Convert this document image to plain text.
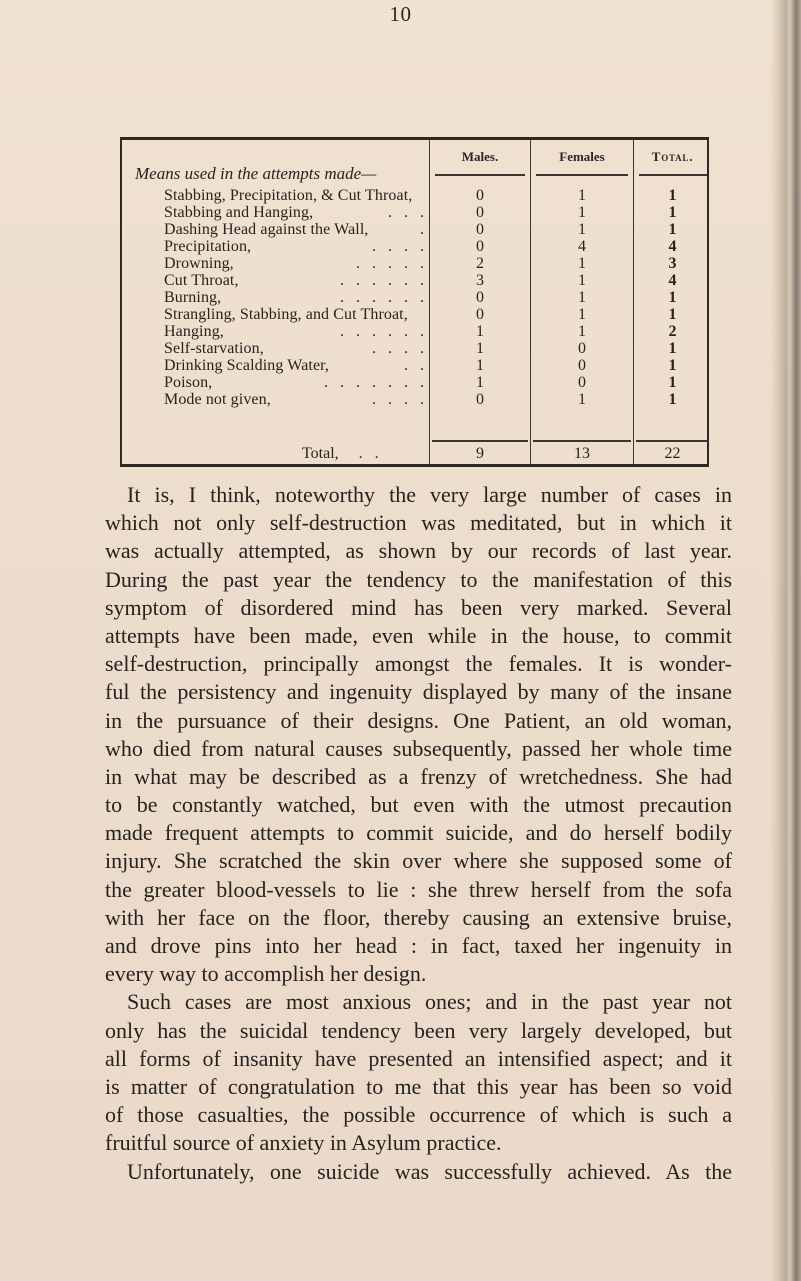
10
Males.	Females	Total.
Means used in the attempts made—
Stabbing, Precipitation, & Cut Throat,	0	1	1
Stabbing and Hanging,	.   .   .	0	1	1
Dashing Head against the Wall,	.	0	1	1
Precipitation,	.   .   .   .	0	4	4
Drowning,	.   .   .   .   .	2	1	3
Cut Throat,	.   .   .   .   .   .	3	1	4
Burning,	.   .   .   .   .   .	0	1	1
Strangling, Stabbing, and Cut Throat,	0	1	1
Hanging,	.   .   .   .   .   .	1	1	2
Self-starvation,	.   .   .   .	1	0	1
Drinking Scalding Water,	.   .	1	0	1
Poison,	.   .   .   .   .   .   .	1	0	1
Mode not given,	.   .   .   .	0	1	1
Total, .   .	9	13	22
It is, I think, noteworthy the very large number of cases in
which not only self-destruction was meditated, but in which it
was actually attempted, as shown by our records of last year.
During the past year the tendency to the manifestation of this
symptom of disordered mind has been very marked. Several
attempts have been made, even while in the house, to commit
self-destruction, principally amongst the females. It is wonder-
ful the persistency and ingenuity displayed by many of the insane
in the pursuance of their designs. One Patient, an old woman,
who died from natural causes subsequently, passed her whole time
in what may be described as a frenzy of wretchedness. She had
to be constantly watched, but even with the utmost precaution
made frequent attempts to commit suicide, and do herself bodily
injury. She scratched the skin over where she supposed some of
the greater blood-vessels to lie : she threw herself from the sofa
with her face on the floor, thereby causing an extensive bruise,
and drove pins into her head : in fact, taxed her ingenuity in
every way to accomplish her design.
Such cases are most anxious ones; and in the past year not
only has the suicidal tendency been very largely developed, but
all forms of insanity have presented an intensified aspect; and it
is matter of congratulation to me that this year has been so void
of those casualties, the possible occurrence of which is such a
fruitful source of anxiety in Asylum practice.
Unfortunately, one suicide was successfully achieved. As the
